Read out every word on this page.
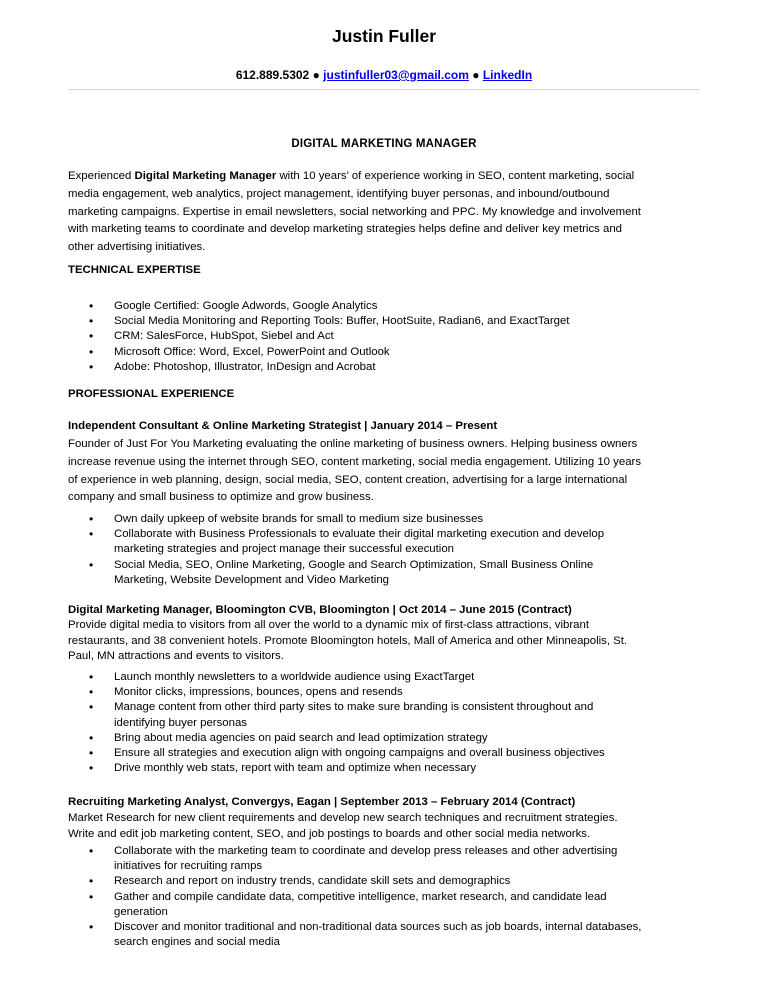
Justin Fuller
612.889.5302 ● justinfuller03@gmail.com ● LinkedIn
DIGITAL MARKETING MANAGER
Experienced Digital Marketing Manager with 10 years’ of experience working in SEO, content marketing, social
media engagement, web analytics, project management, identifying buyer personas, and inbound/outbound
marketing campaigns. Expertise in email newsletters, social networking and PPC. My knowledge and involvement
with marketing teams to coordinate and develop marketing strategies helps define and deliver key metrics and
other advertising initiatives.
TECHNICAL EXPERTISE
• Google Certified: Google Adwords, Google Analytics
• Social Media Monitoring and Reporting Tools: Buffer, HootSuite, Radian6, and ExactTarget
• CRM: SalesForce, HubSpot, Siebel and Act
• Microsoft Office: Word, Excel, PowerPoint and Outlook
• Adobe: Photoshop, Illustrator, InDesign and Acrobat
PROFESSIONAL EXPERIENCE
Independent Consultant & Online Marketing Strategist | January 2014 – Present
Founder of Just For You Marketing evaluating the online marketing of business owners. Helping business owners
increase revenue using the internet through SEO, content marketing, social media engagement. Utilizing 10 years
of experience in web planning, design, social media, SEO, content creation, advertising for a large international
company and small business to optimize and grow business.
• Own daily upkeep of website brands for small to medium size businesses
• Collaborate with Business Professionals to evaluate their digital marketing execution and develop
marketing strategies and project manage their successful execution
• Social Media, SEO, Online Marketing, Google and Search Optimization, Small Business Online
Marketing, Website Development and Video Marketing
Digital Marketing Manager, Bloomington CVB, Bloomington | Oct 2014 – June 2015 (Contract)
Provide digital media to visitors from all over the world to a dynamic mix of first-class attractions, vibrant
restaurants, and 38 convenient hotels. Promote Bloomington hotels, Mall of America and other Minneapolis, St.
Paul, MN attractions and events to visitors.
• Launch monthly newsletters to a worldwide audience using ExactTarget
• Monitor clicks, impressions, bounces, opens and resends
• Manage content from other third party sites to make sure branding is consistent throughout and
identifying buyer personas
• Bring about media agencies on paid search and lead optimization strategy
• Ensure all strategies and execution align with ongoing campaigns and overall business objectives
• Drive monthly web stats, report with team and optimize when necessary
Recruiting Marketing Analyst, Convergys, Eagan | September 2013 – February 2014 (Contract)
Market Research for new client requirements and develop new search techniques and recruitment strategies.
Write and edit job marketing content, SEO, and job postings to boards and other social media networks.
• Collaborate with the marketing team to coordinate and develop press releases and other advertising
initiatives for recruiting ramps
• Research and report on industry trends, candidate skill sets and demographics
• Gather and compile candidate data, competitive intelligence, market research, and candidate lead
generation
• Discover and monitor traditional and non-traditional data sources such as job boards, internal databases,
search engines and social media
